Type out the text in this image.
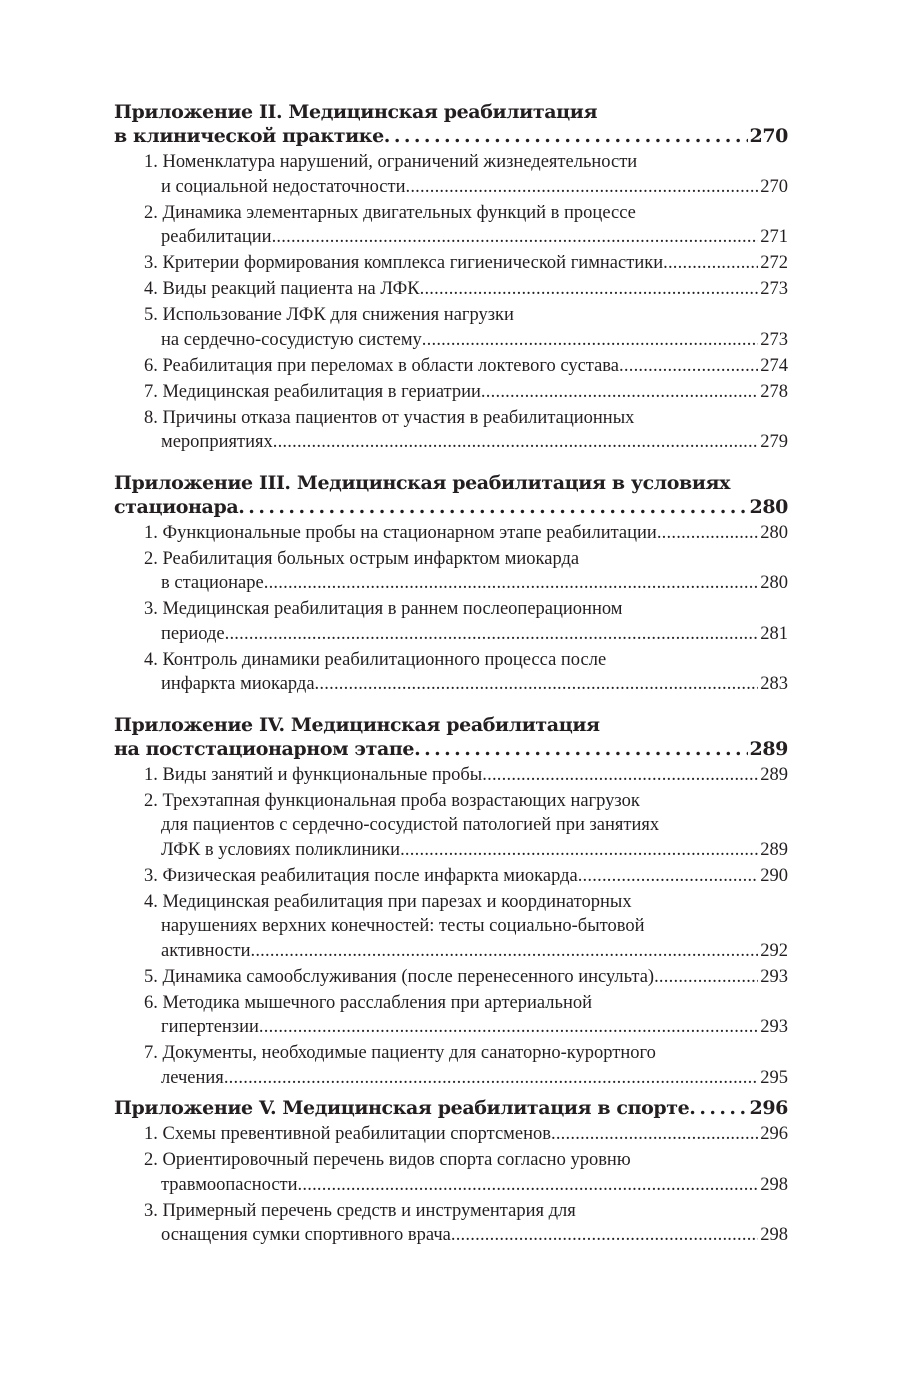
Приложение II. Медицинская реабилитация
в клинической практике . . .	270
1. Номенклатура нарушений, ограничений жизнедеятельности
и социальной недостаточности . . .	270
2. Динамика элементарных двигательных функций в процессе
реабилитации . . .	271
3. Критерии формирования комплекса гигиенической гимнастики . . .	272
4. Виды реакций пациента на ЛФК . . .	273
5. Использование ЛФК для снижения нагрузки
на сердечно-сосудистую систему . . .	273
6. Реабилитация при переломах в области локтевого сустава . . .	274
7. Медицинская реабилитация в гериатрии . . .	278
8. Причины отказа пациентов от участия в реабилитационных
мероприятиях . . .	279
Приложение III. Медицинская реабилитация в условиях
стационара . . .	280
1. Функциональные пробы на стационарном этапе реабилитации . . .	280
2. Реабилитация больных острым инфарктом миокарда
в стационаре . . .	280
3. Медицинская реабилитация в раннем послеоперационном
периоде . . .	281
4. Контроль динамики реабилитационного процесса после
инфаркта миокарда . . .	283
Приложение IV. Медицинская реабилитация
на постстационарном этапе . . .	289
1. Виды занятий и функциональные пробы . . .	289
2. Трехэтапная функциональная проба возрастающих нагрузок
для пациентов с сердечно-сосудистой патологией при занятиях
ЛФК в условиях поликлиники . . .	289
3. Физическая реабилитация после инфаркта миокарда . . .	290
4. Медицинская реабилитация при парезах и координаторных
нарушениях верхних конечностей: тесты социально-бытовой
активности . . .	292
5. Динамика самообслуживания (после перенесенного инсульта) . . .	293
6. Методика мышечного расслабления при артериальной
гипертензии . . .	293
7. Документы, необходимые пациенту для санаторно-курортного
лечения . . .	295
Приложение V. Медицинская реабилитация в спорте . . .	296
1. Схемы превентивной реабилитации спортсменов . . .	296
2. Ориентировочный перечень видов спорта согласно уровню
травмоопасности . . .	298
3. Примерный перечень средств и инструментария для
оснащения сумки спортивного врача . . .	298
